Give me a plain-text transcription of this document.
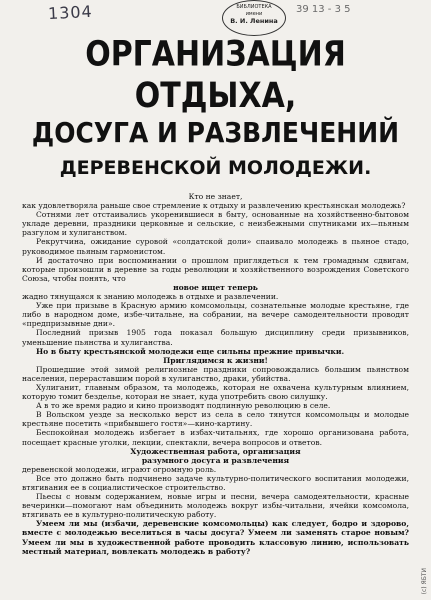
1304	БИБЛИОТЕКА
имени
В. И. Ленина
39 13 - 3 5
ОРГАНИЗАЦИЯ ОТДЫХА,
ДОСУГА И РАЗВЛЕЧЕНИЙ
ДЕРЕВЕНСКОЙ МОЛОДЕЖИ.

Кто не знает,

как удовлетворяла раньше свое стремление к отдыху и развлечению крестьянская молодежь?

Сотнями лет отстаивались укоренившиеся в быту, основанные на хозяйственно-бытовом укладе деревни, праздники церковные и сельские, с неизбежными спутниками их—пьяным разгулом и хулиганством.

Рекрутчина, ожидание суровой «солдатской доли» спаивало молодежь в пьяное стадо, руководимое пьяным гармонистом.

И достаточно при воспоминании о прошлом приглядеться к тем громадным сдвигам, которые произошли в деревне за годы революции и хозяйственного возрождения Советского Союза, чтобы понять, что

новое ищет теперь

жадно тянущаяся к знанию молодежь в отдыхе и развлечении.

Уже при призыве в Красную армию комсомольцы, сознательные молодые крестьяне, где либо в народном доме, избе-читальне, на собрании, на вечере самодеятельности проводят «предпризывные дни».

Последний призыв 1905 года показал большую дисциплину среди призывников, уменьшение пьянства и хулиганства.

Но в быту крестьянской молодежи еще сильны прежние привычки.

Приглядимся к жизни!

Прошедшие этой зимой религиозные праздники сопровождались большим пьянством населения, перераставшим порой в хулиганство, драки, убийства.

Хулиганит, главным образом, та молодежь, которая не охвачена культурным влиянием, которую томит безделье, которая не знает, куда употребить свою силушку.

А в то же время радио и кино производят подлинную революцию в селе.

В Вольском уезде за несколько верст из села в село тянутся комсомольцы и молодые крестьяне посетить «прибывшего гостя»—кино-картину.

Беспокойная молодежь избегает в избах-читальнях, где хорошо организована работа, посещает красные уголки, лекции, спектакли, вечера вопросов и ответов.

Художественная работа, организация

разумного досуга и развлечения

деревенской молодежи, играют огромную роль.

Все это должно быть подчинено задаче культурно-политического воспитания молодежи, втягивания ее в социалистическое строительство.

Пьесы с новым содержанием, новые игры и песни, вечера самодеятельности, красные вечеринки—помогают нам объединить молодежь вокруг избы-читальни, ячейки комсомола, втягивать ее в культурно-политическую работу.

Умеем ли мы (избачи, деревенские комсомольцы) как следует, бодро и здорово, вместе с молодежью веселиться в часы досуга? Умеем ли заменять старое новым? Умеем ли мы в художественной работе проводить классовую линию, использовать местный материал, вовлекать молодежь в работу?

(c) ЯБТИ
